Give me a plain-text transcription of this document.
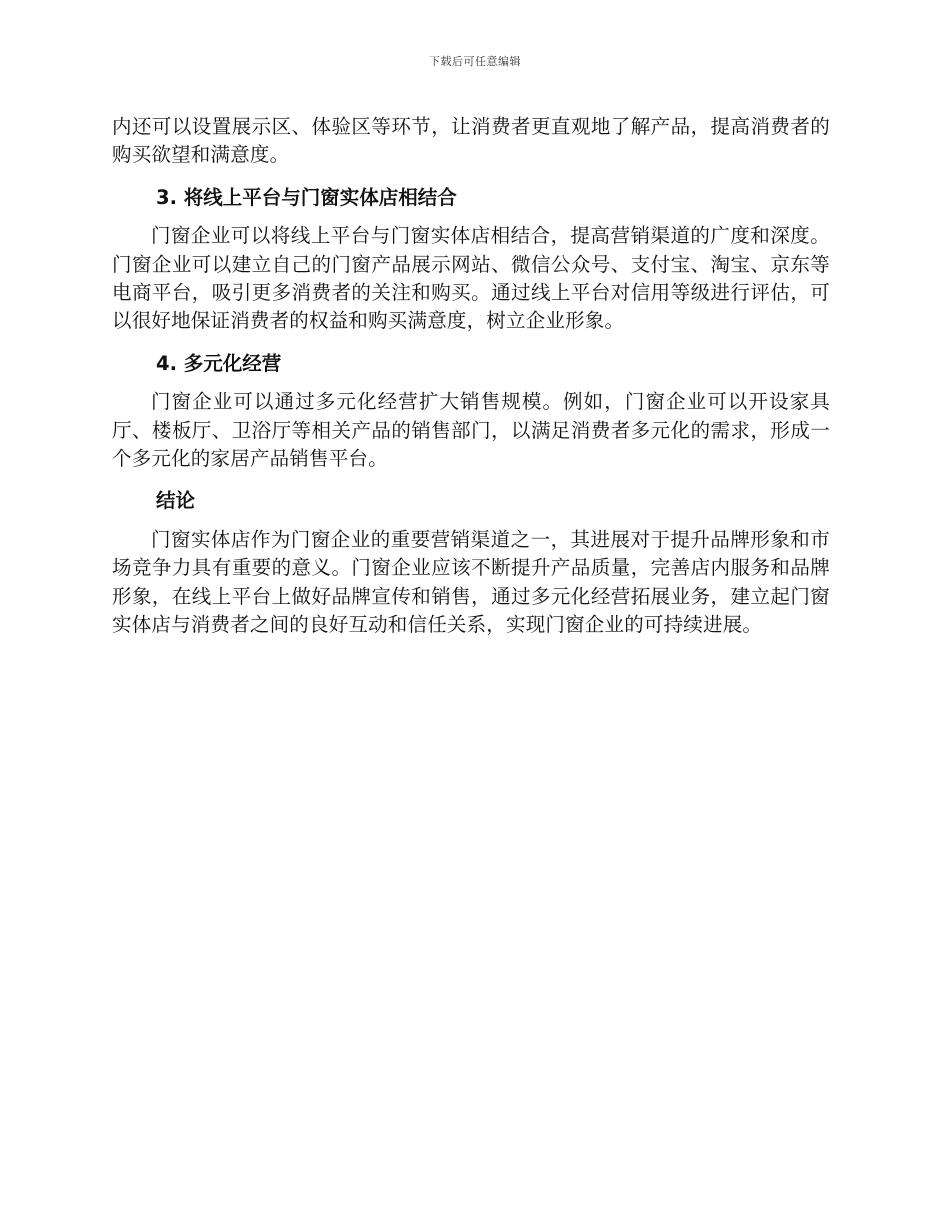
下载后可任意编辑

内还可以设置展示区、体验区等环节，让消费者更直观地了解产品，提高消费者的购买欲望和满意度。

3. 将线上平台与门窗实体店相结合

门窗企业可以将线上平台与门窗实体店相结合，提高营销渠道的广度和深度。门窗企业可以建立自己的门窗产品展示网站、微信公众号、支付宝、淘宝、京东等电商平台，吸引更多消费者的关注和购买。通过线上平台对信用等级进行评估，可以很好地保证消费者的权益和购买满意度，树立企业形象。

4. 多元化经营

门窗企业可以通过多元化经营扩大销售规模。例如，门窗企业可以开设家具厅、楼板厅、卫浴厅等相关产品的销售部门，以满足消费者多元化的需求，形成一个多元化的家居产品销售平台。

结论

门窗实体店作为门窗企业的重要营销渠道之一，其进展对于提升品牌形象和市场竞争力具有重要的意义。门窗企业应该不断提升产品质量，完善店内服务和品牌形象，在线上平台上做好品牌宣传和销售，通过多元化经营拓展业务，建立起门窗实体店与消费者之间的良好互动和信任关系，实现门窗企业的可持续进展。
